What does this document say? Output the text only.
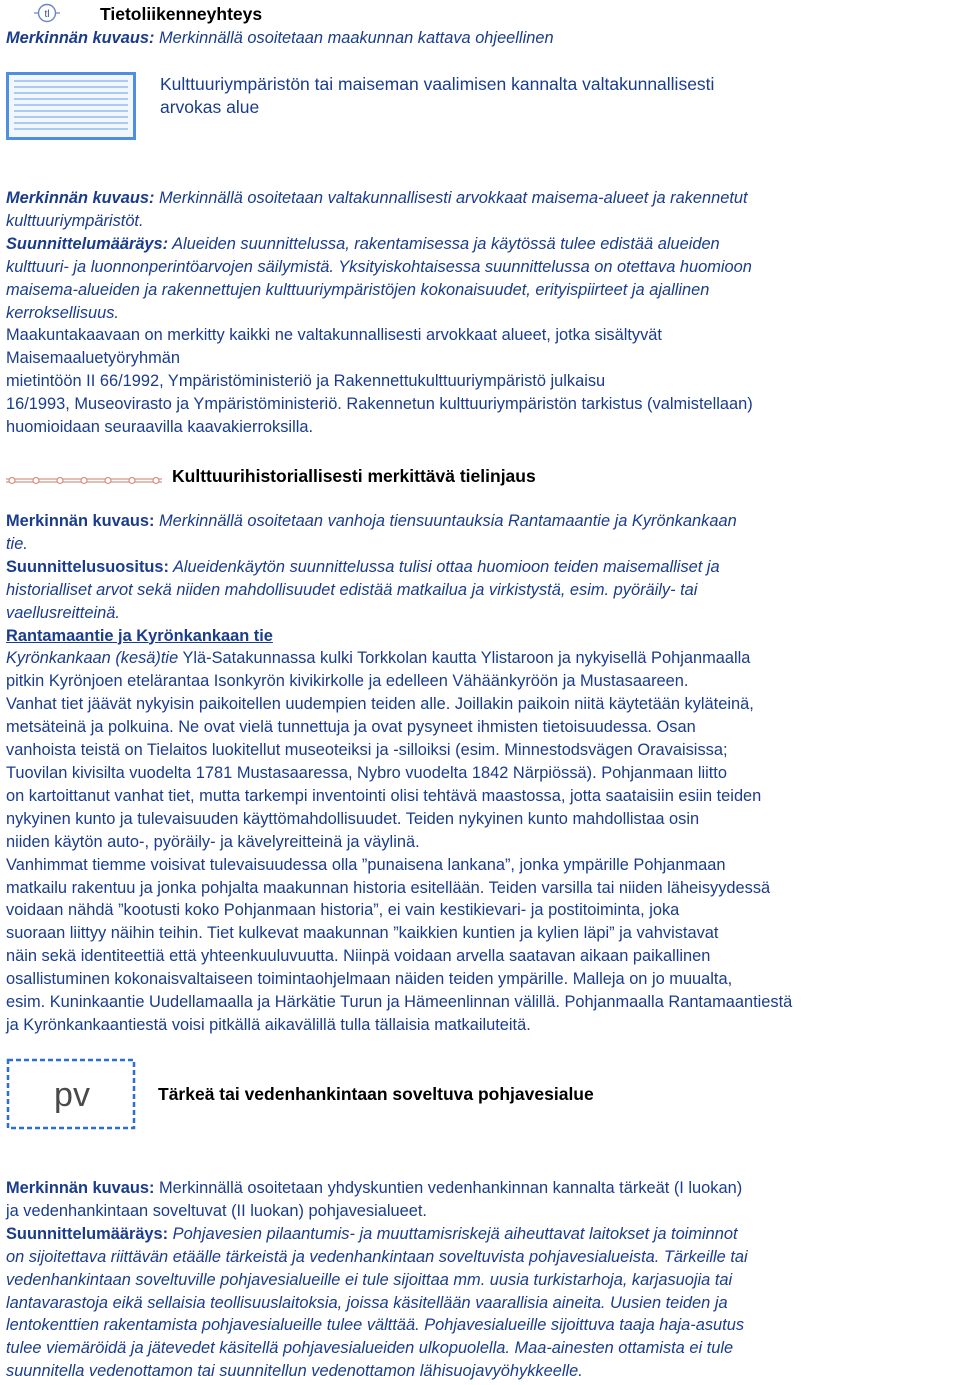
tl	Tietoliikenneyhteys
Merkinnän kuvaus: Merkinnällä osoitetaan maakunnan kattava ohjeellinen
Kulttuuriympäristön tai maiseman vaalimisen kannalta valtakunnallisesti
arvokas alue
Merkinnän kuvaus: Merkinnällä osoitetaan valtakunnallisesti arvokkaat maisema-alueet ja rakennetut
kulttuuriympäristöt.
Suunnittelumääräys: Alueiden suunnittelussa, rakentamisessa ja käytössä tulee edistää alueiden
kulttuuri- ja luonnonperintöarvojen säilymistä. Yksityiskohtaisessa suunnittelussa on otettava huomioon
maisema-alueiden ja rakennettujen kulttuuriympäristöjen kokonaisuudet, erityispiirteet ja ajallinen
kerroksellisuus.
Maakuntakaavaan on merkitty kaikki ne valtakunnallisesti arvokkaat alueet, jotka sisältyvät
Maisemaaluetyöryhmän
mietintöön II 66/1992, Ympäristöministeriö ja Rakennettukulttuuriympäristö julkaisu
16/1993, Museovirasto ja Ympäristöministeriö. Rakennetun kulttuuriympäristön tarkistus (valmistellaan)
huomioidaan seuraavilla kaavakierroksilla.
Kulttuurihistoriallisesti merkittävä tielinjaus
Merkinnän kuvaus: Merkinnällä osoitetaan vanhoja tiensuuntauksia Rantamaantie ja Kyrönkankaan
tie.
Suunnittelusuositus: Alueidenkäytön suunnittelussa tulisi ottaa huomioon teiden maisemalliset ja
historialliset arvot sekä niiden mahdollisuudet edistää matkailua ja virkistystä, esim. pyöräily- tai
vaellusreitteinä.
Rantamaantie ja Kyrönkankaan tie
Kyrönkankaan (kesä)tie Ylä-Satakunnassa kulki Torkkolan kautta Ylistaroon ja nykyisellä Pohjanmaalla
pitkin Kyrönjoen etelärantaa Isonkyrön kivikirkolle ja edelleen Vähäänkyröön ja Mustasaareen.
Vanhat tiet jäävät nykyisin paikoitellen uudempien teiden alle. Joillakin paikoin niitä käytetään kyläteinä,
metsäteinä ja polkuina. Ne ovat vielä tunnettuja ja ovat pysyneet ihmisten tietoisuudessa. Osan
vanhoista teistä on Tielaitos luokitellut museoteiksi ja -silloiksi (esim. Minnestodsvägen Oravaisissa;
Tuovilan kivisilta vuodelta 1781 Mustasaaressa, Nybro vuodelta 1842 Närpiössä). Pohjanmaan liitto
on kartoittanut vanhat tiet, mutta tarkempi inventointi olisi tehtävä maastossa, jotta saataisiin esiin teiden
nykyinen kunto ja tulevaisuuden käyttömahdollisuudet. Teiden nykyinen kunto mahdollistaa osin
niiden käytön auto-, pyöräily- ja kävelyreitteinä ja väylinä.
Vanhimmat tiemme voisivat tulevaisuudessa olla ”punaisena lankana”, jonka ympärille Pohjanmaan
matkailu rakentuu ja jonka pohjalta maakunnan historia esitellään. Teiden varsilla tai niiden läheisyydessä
voidaan nähdä ”kootusti koko Pohjanmaan historia”, ei vain kestikievari- ja postitoiminta, joka
suoraan liittyy näihin teihin. Tiet kulkevat maakunnan ”kaikkien kuntien ja kylien läpi” ja vahvistavat
näin sekä identiteettiä että yhteenkuuluvuutta. Niinpä voidaan arvella saatavan aikaan paikallinen
osallistuminen kokonaisvaltaiseen toimintaohjelmaan näiden teiden ympärille. Malleja on jo muualta,
esim. Kuninkaantie Uudellamaalla ja Härkätie Turun ja Hämeenlinnan välillä. Pohjanmaalla Rantamaantiestä
ja Kyrönkankaantiestä voisi pitkällä aikavälillä tulla tällaisia matkailuteitä.
pv	Tärkeä tai vedenhankintaan soveltuva pohjavesialue
Merkinnän kuvaus: Merkinnällä osoitetaan yhdyskuntien vedenhankinnan kannalta tärkeät (I luokan)
ja vedenhankintaan soveltuvat (II luokan) pohjavesialueet.
Suunnittelumääräys: Pohjavesien pilaantumis- ja muuttamisriskejä aiheuttavat laitokset ja toiminnot
on sijoitettava riittävän etäälle tärkeistä ja vedenhankintaan soveltuvista pohjavesialueista. Tärkeille tai
vedenhankintaan soveltuville pohjavesialueille ei tule sijoittaa mm. uusia turkistarhoja, karjasuojia tai
lantavarastoja eikä sellaisia teollisuuslaitoksia, joissa käsitellään vaarallisia aineita. Uusien teiden ja
lentokenttien rakentamista pohjavesialueille tulee välttää. Pohjavesialueille sijoittuva taaja haja-asutus
tulee viemäröidä ja jätevedet käsitellä pohjavesialueiden ulkopuolella. Maa-ainesten ottamista ei tule
suunnitella vedenottamon tai suunnitellun vedenottamon lähisuojavyöhykkeelle.
